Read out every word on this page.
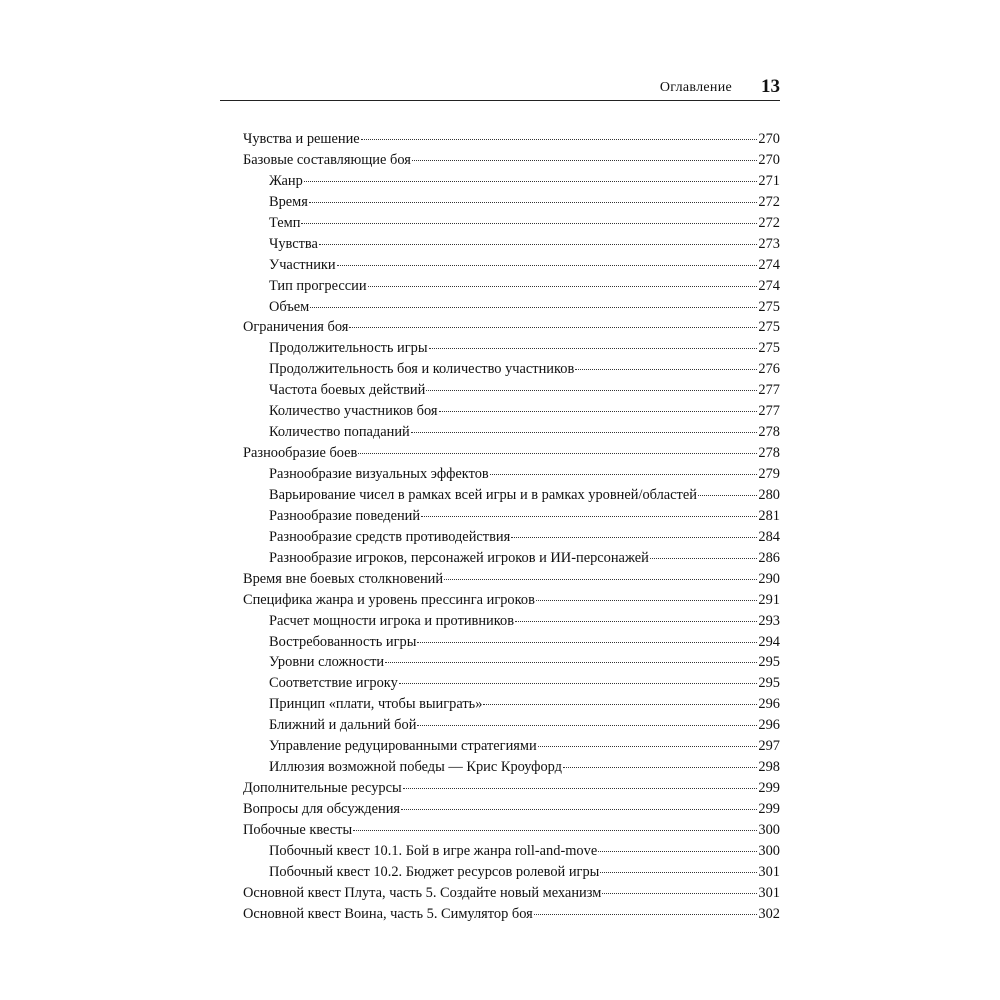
Оглавление 13
Чувства и решение	270
Базовые составляющие боя	270
Жанр	271
Время	272
Темп	272
Чувства	273
Участники	274
Тип прогрессии	274
Объем	275
Ограничения боя	275
Продолжительность игры	275
Продолжительность боя и количество участников	276
Частота боевых действий	277
Количество участников боя	277
Количество попаданий	278
Разнообразие боев	278
Разнообразие визуальных эффектов	279
Варьирование чисел в рамках всей игры и в рамках уровней/областей	280
Разнообразие поведений	281
Разнообразие средств противодействия	284
Разнообразие игроков, персонажей игроков и ИИ-персонажей	286
Время вне боевых столкновений	290
Специфика жанра и уровень прессинга игроков	291
Расчет мощности игрока и противников	293
Востребованность игры	294
Уровни сложности	295
Соответствие игроку	295
Принцип «плати, чтобы выиграть»	296
Ближний и дальний бой	296
Управление редуцированными стратегиями	297
Иллюзия возможной победы — Крис Кроуфорд	298
Дополнительные ресурсы	299
Вопросы для обсуждения	299
Побочные квесты	300
Побочный квест 10.1. Бой в игре жанра roll-and-move	300
Побочный квест 10.2. Бюджет ресурсов ролевой игры	301
Основной квест Плута, часть 5. Создайте новый механизм	301
Основной квест Воина, часть 5. Симулятор боя	302
